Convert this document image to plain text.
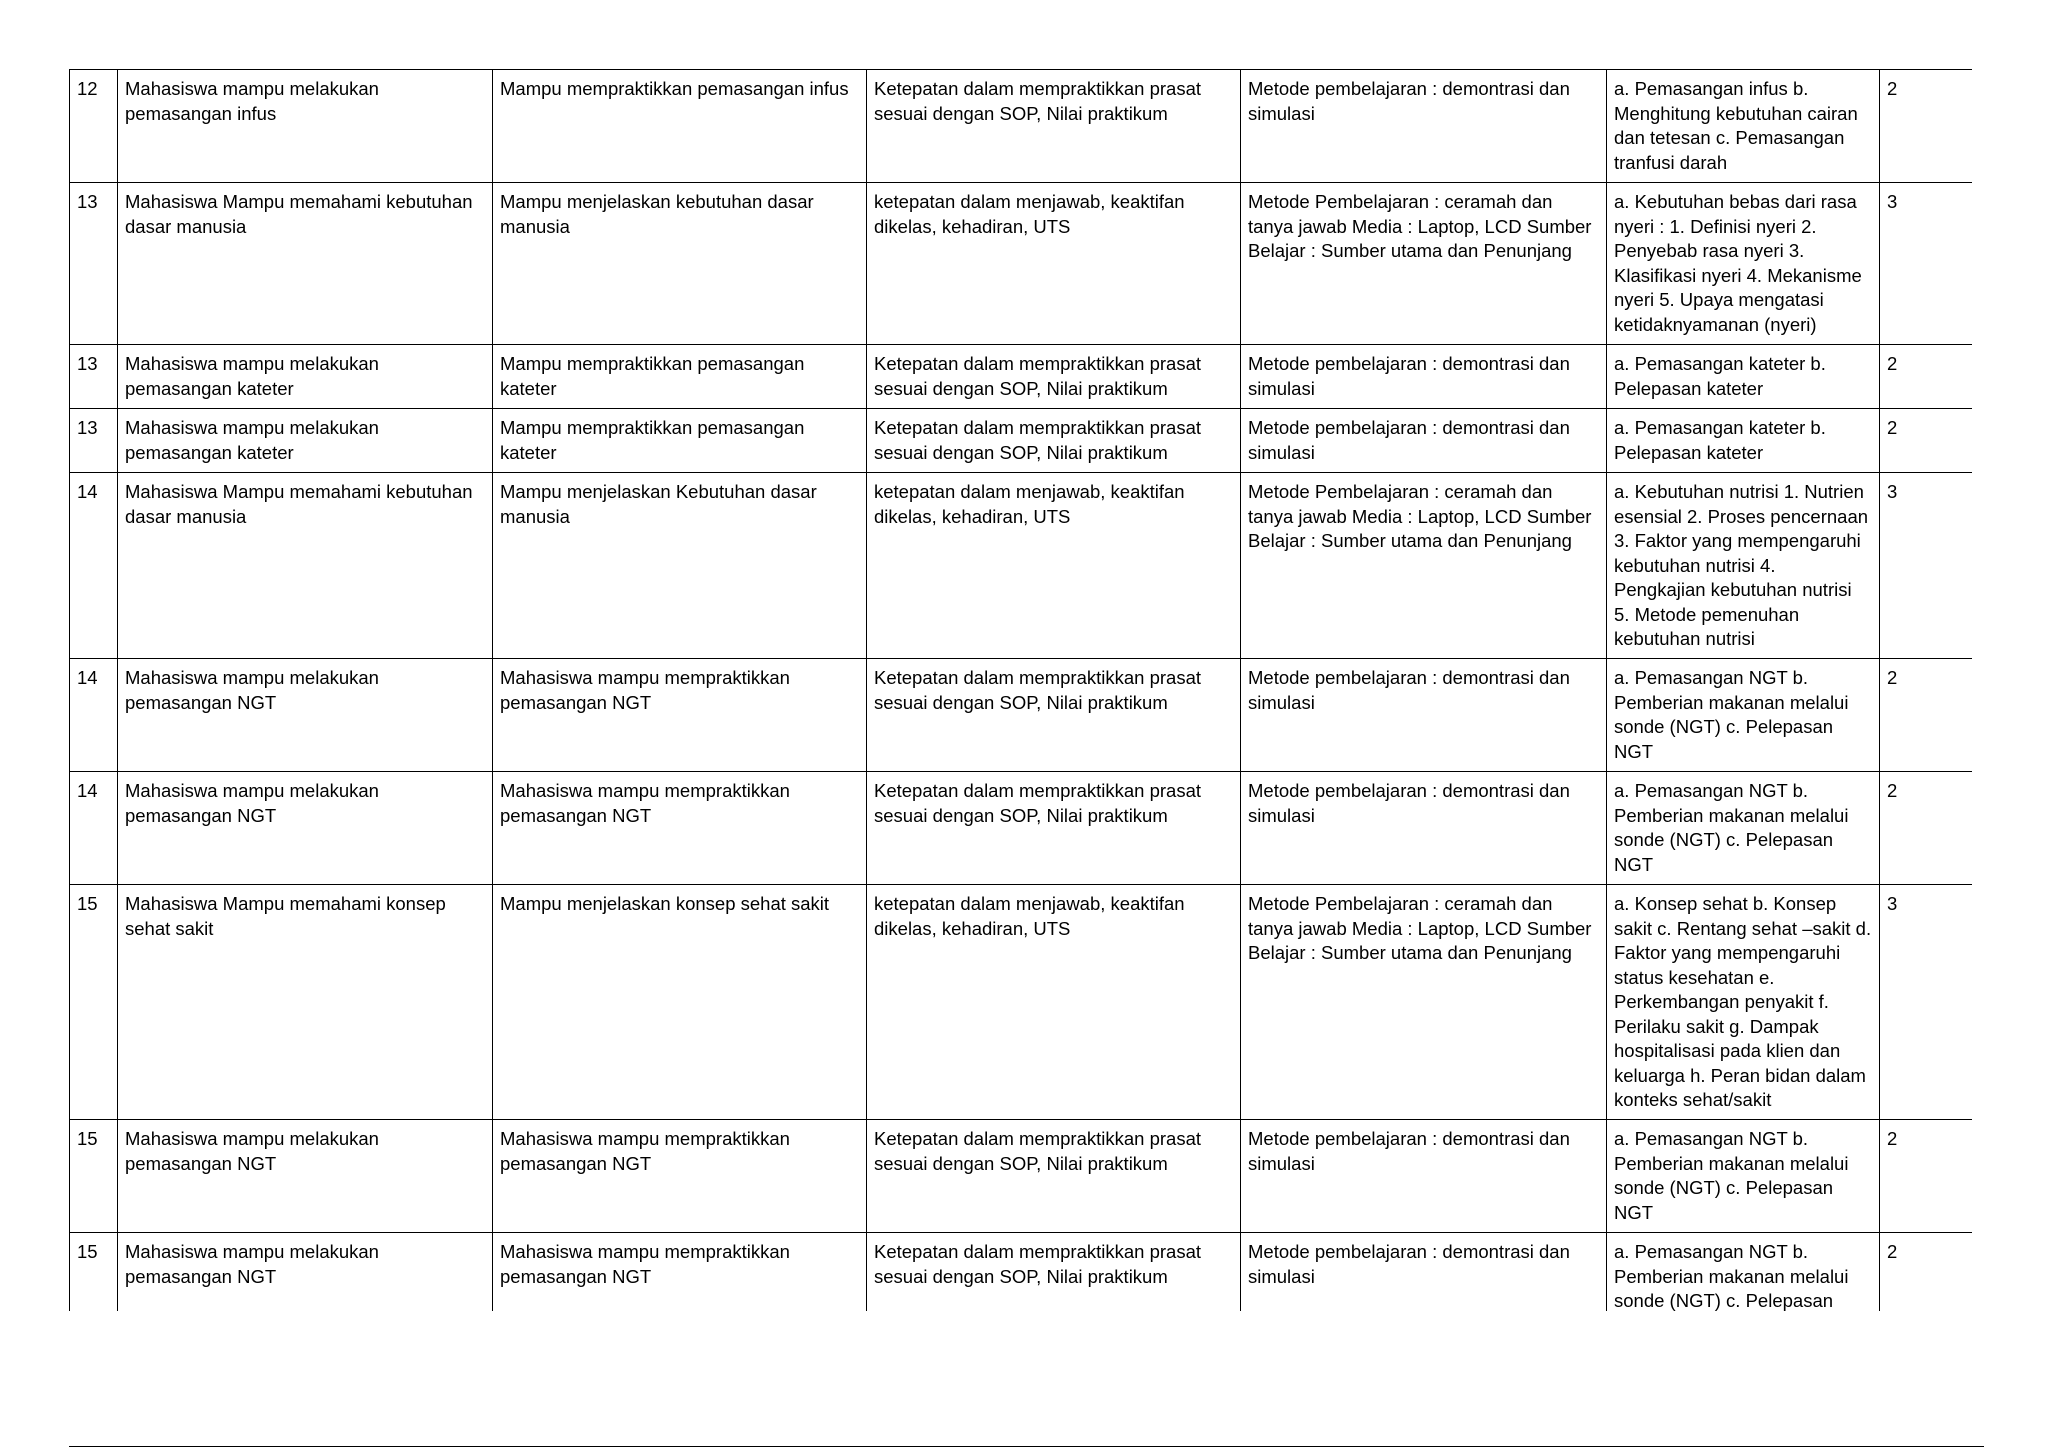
12	Mahasiswa mampu melakukan pemasangan infus	Mampu mempraktikkan pemasangan infus	Ketepatan dalam mempraktikkan prasat sesuai dengan SOP, Nilai praktikum	Metode pembelajaran : demontrasi dan simulasi	a. Pemasangan infus b. Menghitung kebutuhan cairan dan tetesan c. Pemasangan tranfusi darah	2
13	Mahasiswa Mampu memahami kebutuhan dasar manusia	Mampu menjelaskan kebutuhan dasar manusia	ketepatan dalam menjawab, keaktifan dikelas, kehadiran, UTS	Metode Pembelajaran : ceramah dan tanya jawab Media : Laptop, LCD Sumber Belajar : Sumber utama dan Penunjang	a. Kebutuhan bebas dari rasa nyeri : 1. Definisi nyeri 2. Penyebab rasa nyeri 3. Klasifikasi nyeri 4. Mekanisme nyeri 5. Upaya mengatasi ketidaknyamanan (nyeri)	3
13	Mahasiswa mampu melakukan pemasangan kateter	Mampu mempraktikkan pemasangan kateter	Ketepatan dalam mempraktikkan prasat sesuai dengan SOP, Nilai praktikum	Metode pembelajaran : demontrasi dan simulasi	a. Pemasangan kateter b. Pelepasan kateter	2
13	Mahasiswa mampu melakukan pemasangan kateter	Mampu mempraktikkan pemasangan kateter	Ketepatan dalam mempraktikkan prasat sesuai dengan SOP, Nilai praktikum	Metode pembelajaran : demontrasi dan simulasi	a. Pemasangan kateter b. Pelepasan kateter	2
14	Mahasiswa Mampu memahami kebutuhan dasar manusia	Mampu menjelaskan Kebutuhan dasar manusia	ketepatan dalam menjawab, keaktifan dikelas, kehadiran, UTS	Metode Pembelajaran : ceramah dan tanya jawab Media : Laptop, LCD Sumber Belajar : Sumber utama dan Penunjang	a. Kebutuhan nutrisi 1. Nutrien esensial 2. Proses pencernaan 3. Faktor yang mempengaruhi kebutuhan nutrisi 4. Pengkajian kebutuhan nutrisi 5. Metode pemenuhan kebutuhan nutrisi	3
14	Mahasiswa mampu melakukan pemasangan NGT	Mahasiswa mampu mempraktikkan pemasangan NGT	Ketepatan dalam mempraktikkan prasat sesuai dengan SOP, Nilai praktikum	Metode pembelajaran : demontrasi dan simulasi	a. Pemasangan NGT b. Pemberian makanan melalui sonde (NGT) c. Pelepasan NGT	2
14	Mahasiswa mampu melakukan pemasangan NGT	Mahasiswa mampu mempraktikkan pemasangan NGT	Ketepatan dalam mempraktikkan prasat sesuai dengan SOP, Nilai praktikum	Metode pembelajaran : demontrasi dan simulasi	a. Pemasangan NGT b. Pemberian makanan melalui sonde (NGT) c. Pelepasan NGT	2
15	Mahasiswa Mampu memahami konsep sehat sakit	Mampu menjelaskan konsep sehat sakit	ketepatan dalam menjawab, keaktifan dikelas, kehadiran, UTS	Metode Pembelajaran : ceramah dan tanya jawab Media : Laptop, LCD Sumber Belajar : Sumber utama dan Penunjang	a. Konsep sehat b. Konsep sakit c. Rentang sehat –sakit d. Faktor yang mempengaruhi status kesehatan e. Perkembangan penyakit f. Perilaku sakit g. Dampak hospitalisasi pada klien dan keluarga h. Peran bidan dalam konteks sehat/sakit	3
15	Mahasiswa mampu melakukan pemasangan NGT	Mahasiswa mampu mempraktikkan pemasangan NGT	Ketepatan dalam mempraktikkan prasat sesuai dengan SOP, Nilai praktikum	Metode pembelajaran : demontrasi dan simulasi	a. Pemasangan NGT b. Pemberian makanan melalui sonde (NGT) c. Pelepasan NGT	2
15	Mahasiswa mampu melakukan pemasangan NGT	Mahasiswa mampu mempraktikkan pemasangan NGT	Ketepatan dalam mempraktikkan prasat sesuai dengan SOP, Nilai praktikum	Metode pembelajaran : demontrasi dan simulasi	a. Pemasangan NGT b. Pemberian makanan melalui sonde (NGT) c. Pelepasan	2
